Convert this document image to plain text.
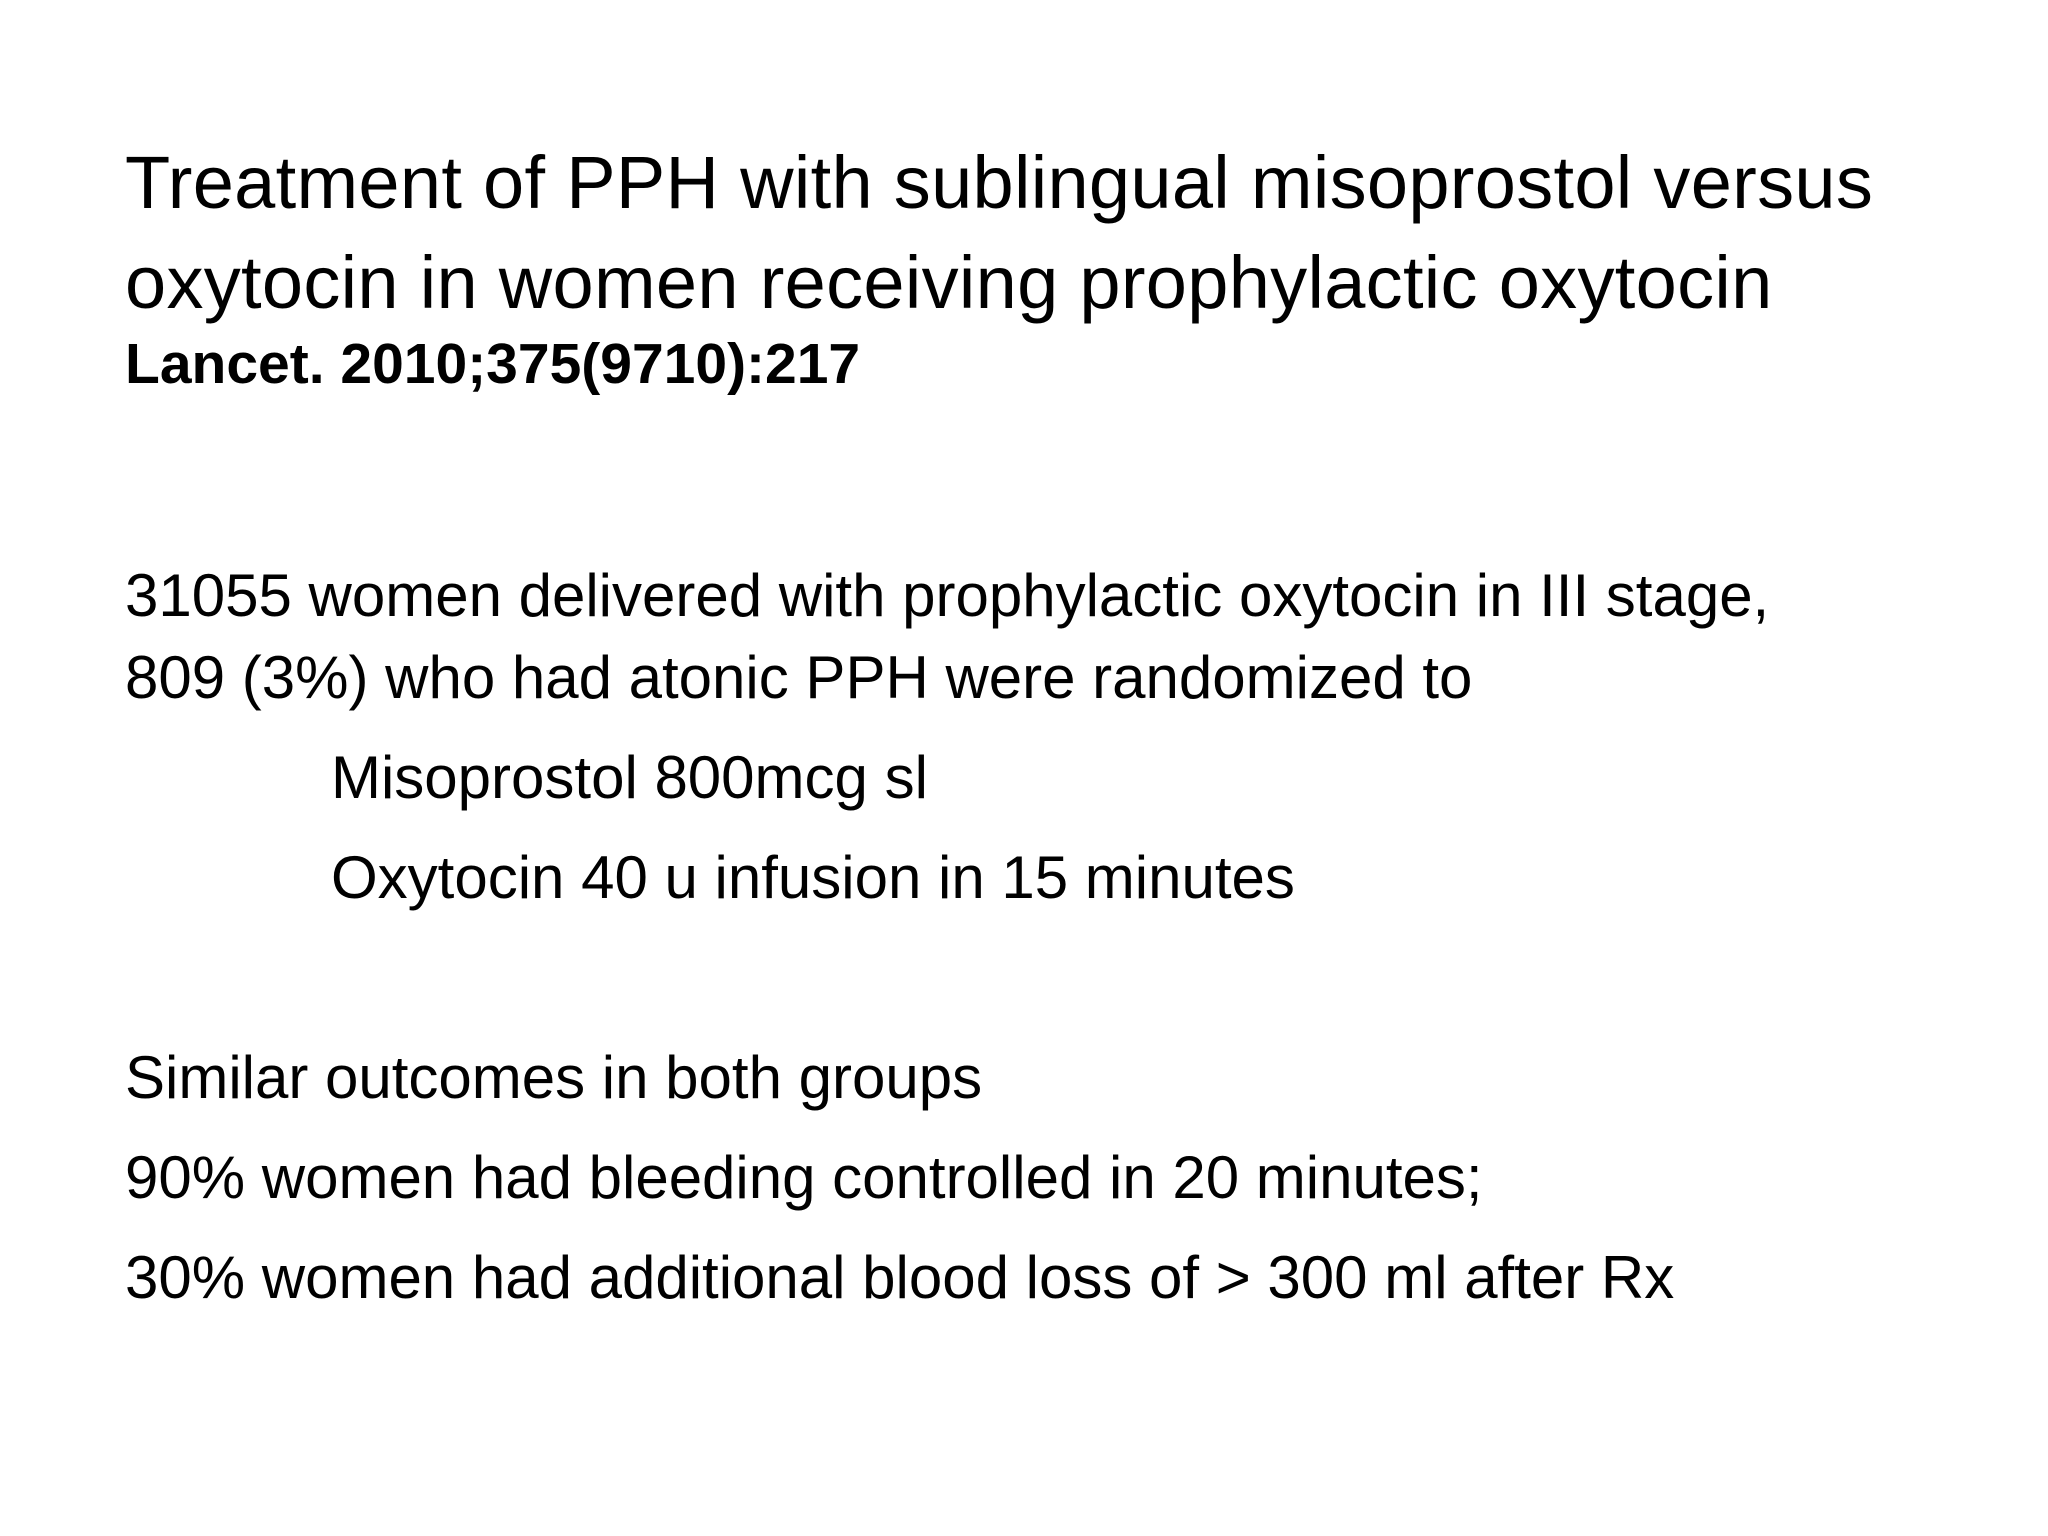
Treatment of PPH with sublingual misoprostol versus
oxytocin in women receiving prophylactic oxytocin

Lancet. 2010;375(9710):217

31055 women delivered with prophylactic oxytocin in III stage,

809 (3%) who had atonic PPH were randomized to

Misoprostol 800mcg sl

Oxytocin 40 u infusion in 15 minutes

Similar outcomes in both groups

90% women had bleeding controlled in 20 minutes;

30% women had additional blood loss of > 300 ml after Rx
